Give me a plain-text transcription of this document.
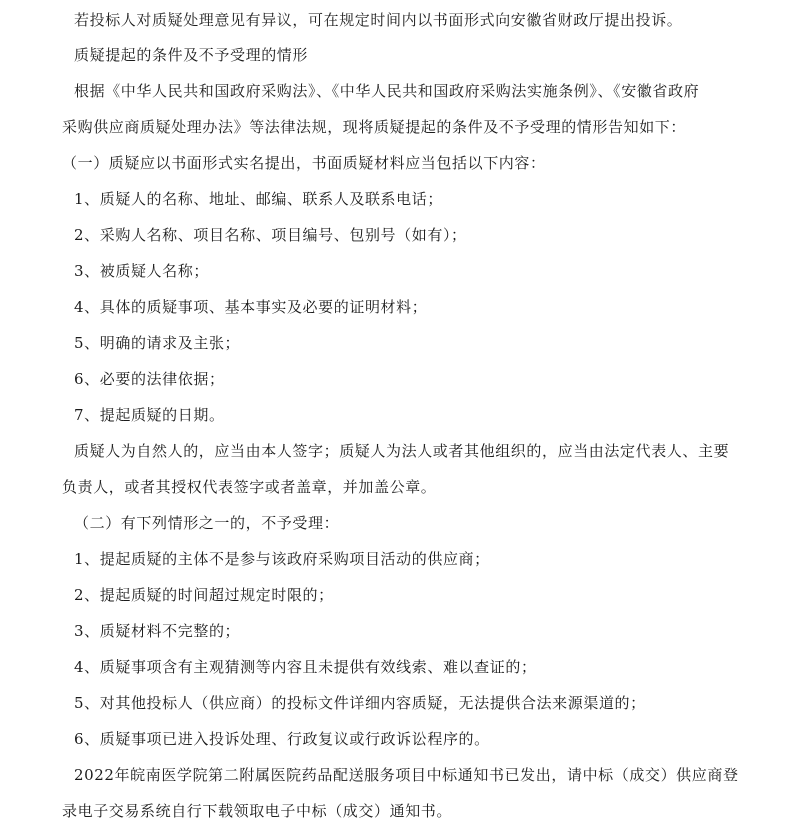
若投标人对质疑处理意见有异议，可在规定时间内以书面形式向安徽省财政厅提出投诉。
质疑提起的条件及不予受理的情形
根据《中华人民共和国政府采购法》、《中华人民共和国政府采购法实施条例》、《安徽省政府
采购供应商质疑处理办法》等法律法规，现将质疑提起的条件及不予受理的情形告知如下：
（一）质疑应以书面形式实名提出，书面质疑材料应当包括以下内容：
1、质疑人的名称、地址、邮编、联系人及联系电话；
2、采购人名称、项目名称、项目编号、包别号（如有）；
3、被质疑人名称；
4、具体的质疑事项、基本事实及必要的证明材料；
5、明确的请求及主张；
6、必要的法律依据；
7、提起质疑的日期。
质疑人为自然人的，应当由本人签字；质疑人为法人或者其他组织的，应当由法定代表人、主要
负责人，或者其授权代表签字或者盖章，并加盖公章。
（二）有下列情形之一的，不予受理：
1、提起质疑的主体不是参与该政府采购项目活动的供应商；
2、提起质疑的时间超过规定时限的；
3、质疑材料不完整的；
4、质疑事项含有主观猜测等内容且未提供有效线索、难以查证的；
5、对其他投标人（供应商）的投标文件详细内容质疑，无法提供合法来源渠道的；
6、质疑事项已进入投诉处理、行政复议或行政诉讼程序的。
2022年皖南医学院第二附属医院药品配送服务项目中标通知书已发出，请中标（成交）供应商登
录电子交易系统自行下载领取电子中标（成交）通知书。
